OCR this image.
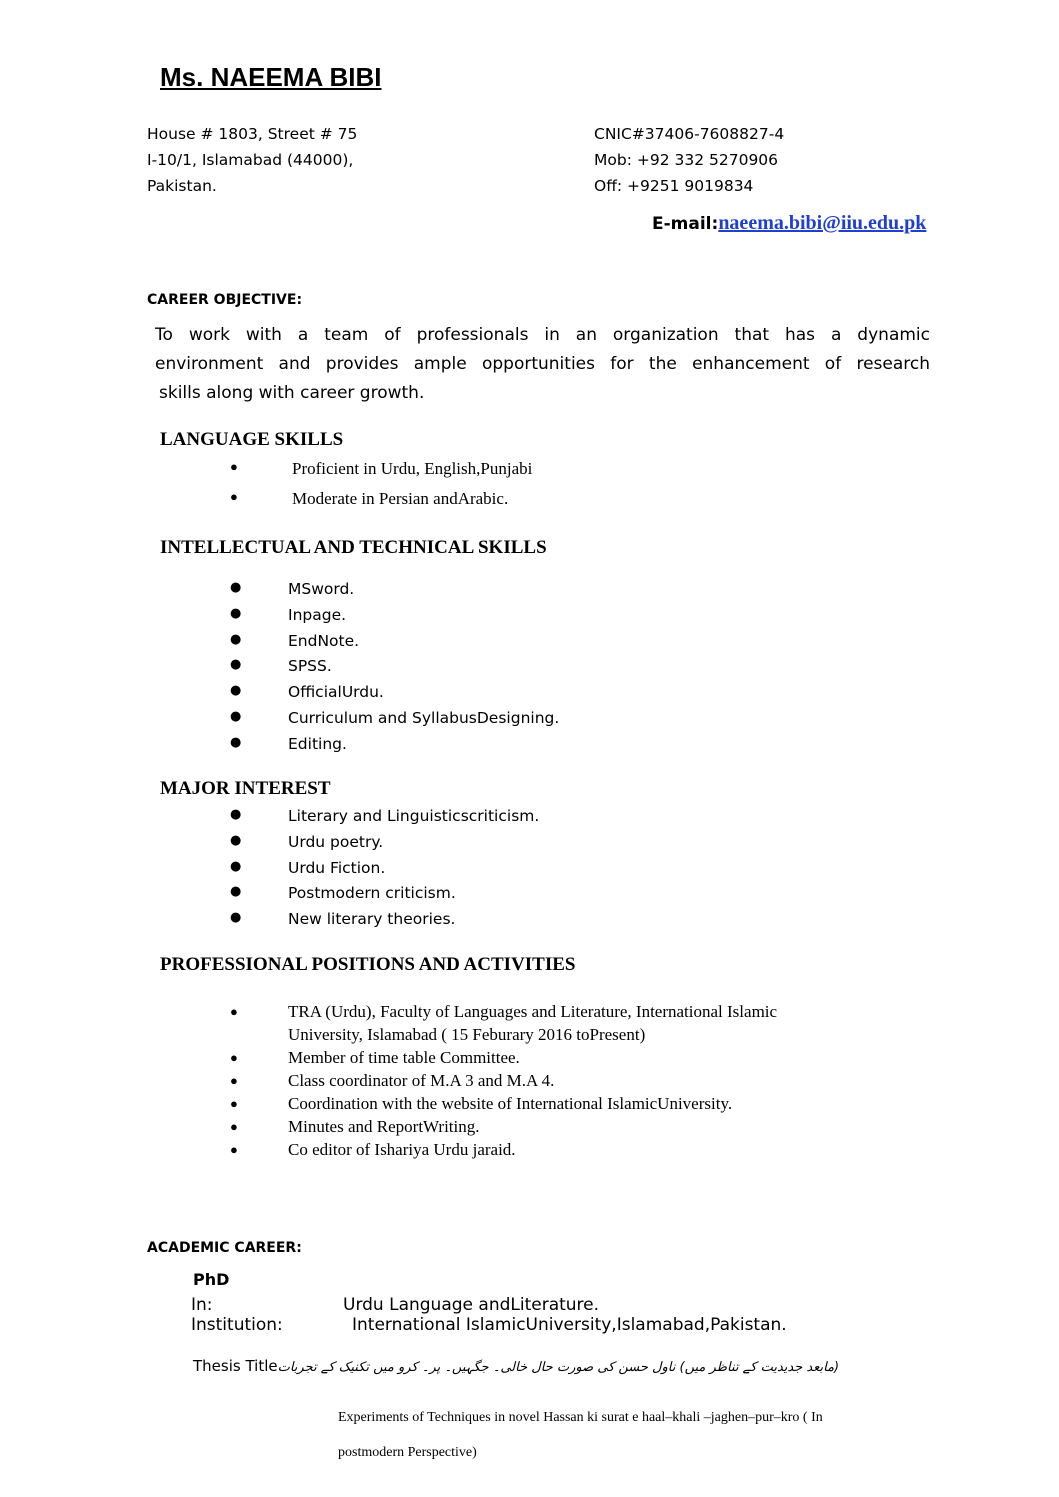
Ms. NAEEMA BIBI
House # 1803, Street # 75
I-10/1, Islamabad (44000),
Pakistan.
CNIC#37406-7608827-4
Mob: +92 332 5270906
Off: +9251 9019834
E-mail:naeema.bibi@iiu.edu.pk
CAREER OBJECTIVE:
To work with a team of professionals in an organization that has a dynamic
environment and provides ample opportunities for the enhancement of research
skills along with career growth.
LANGUAGE SKILLS
●	Proficient in Urdu, English,Punjabi
●	Moderate in Persian andArabic.
INTELLECTUAL AND TECHNICAL SKILLS
●	MSword.
●	Inpage.
●	EndNote.
●	SPSS.
●	OfficialUrdu.
●	Curriculum and SyllabusDesigning.
●	Editing.
MAJOR INTEREST
●	Literary and Linguisticscriticism.
●	Urdu poetry.
●	Urdu Fiction.
●	Postmodern criticism.
●	New literary theories.
PROFESSIONAL POSITIONS AND ACTIVITIES
●	TRA (Urdu), Faculty of Languages and Literature, International Islamic
University, Islamabad ( 15 Feburary 2016 toPresent)
●	Member of time table Committee.
●	Class coordinator of M.A 3 and M.A 4.
●	Coordination with the website of International IslamicUniversity.
●	Minutes and ReportWriting.
●	Co editor of Ishariya Urdu jaraid.
ACADEMIC CAREER:
PhD
In:	Urdu Language andLiterature.
Institution:	International IslamicUniversity,Islamabad,Pakistan.
Thesis Title(مابعد جدیدیت کے تناظر میں) ناول حسن کی صورت حال خالی۔ جگہیں۔ پر۔ کرو میں تکنیک کے تجربات
Experiments of Techniques in novel Hassan ki surat e haal–khali –jaghen–pur–kro ( In
postmodern Perspective)
